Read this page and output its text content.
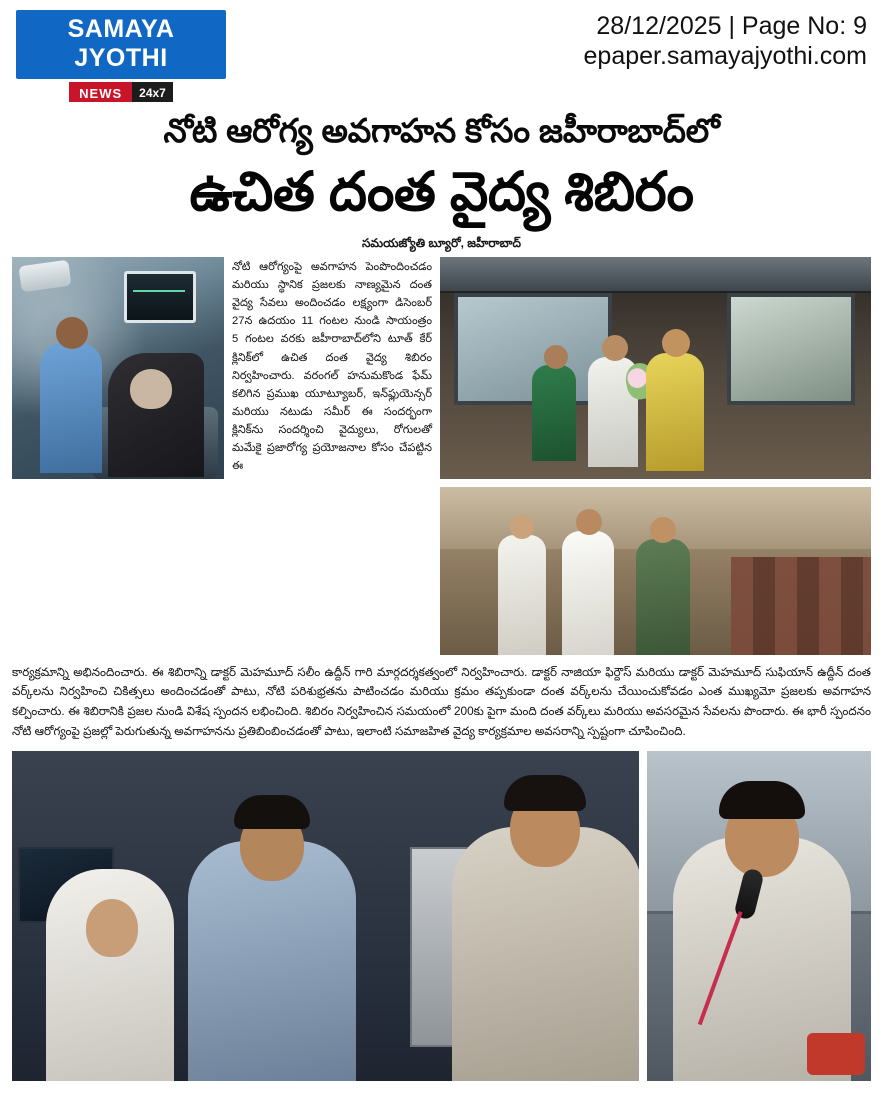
SAMAYA JYOTHI
NEWS	24x7
28/12/2025 | Page No: 9
epaper.samayajyothi.com
నోటి ఆరోగ్య అవగాహన కోసం జహీరాబాద్‌లో
ఉచిత దంత వైద్య శిబిరం
సమయజ్యోతి బ్యూరో, జహీరాబాద్
నోటి ఆరోగ్యంపై అవగాహన పెంపొందించడం మరియు స్థానిక ప్రజలకు నాణ్యమైన దంత వైద్య సేవలు అందించడం లక్ష్యంగా డిసెంబర్ 27న ఉదయం 11 గంటల నుండి సాయంత్రం 5 గంటల వరకు జహీరాబాద్‌లోని టూత్ కేర్ క్లినిక్‌లో ఉచిత దంత వైద్య శిబిరం నిర్వహించారు. వరంగల్ హనుమకొండ ఫేమ్ కలిగిన ప్రముఖ యూట్యూబర్, ఇన్‌ఫ్లుయెన్సర్ మరియు నటుడు సమీర్ ఈ సందర్భంగా క్లినిక్‌ను సందర్శించి వైద్యులు, రోగులతో మమేకై ప్రజారోగ్య ప్రయోజనాల కోసం చేపట్టిన ఈ
కార్యక్రమాన్ని అభినందించారు. ఈ శిబిరాన్ని డాక్టర్ మెహమూద్ సలీం ఉద్దీన్ గారి మార్గదర్శకత్వంలో నిర్వహించారు. డాక్టర్ నాజియా ఫిర్దౌస్ మరియు డాక్టర్ మెహమూద్ సుఫియాన్ ఉద్దీన్ దంత వర్క్‌లను నిర్వహించి చికిత్సలు అందించడంతో పాటు, నోటి పరిశుభ్రతను పాటించడం మరియు క్రమం తప్పకుండా దంత వర్క్‌లను చేయించుకోవడం ఎంత ముఖ్యమో ప్రజలకు అవగాహన కల్పించారు. ఈ శిబిరానికి ప్రజల నుండి విశేష స్పందన లభించింది. శిబిరం నిర్వహించిన సమయంలో 200కు పైగా మంది దంత వర్క్‌లు మరియు అవసరమైన సేవలను పొందారు. ఈ భారీ స్పందనం నోటి ఆరోగ్యంపై ప్రజల్లో పెరుగుతున్న అవగాహనను ప్రతిబింబించడంతో పాటు, ఇలాంటి సమాజహిత వైద్య కార్యక్రమాల అవసరాన్ని స్పష్టంగా చూపించింది.
